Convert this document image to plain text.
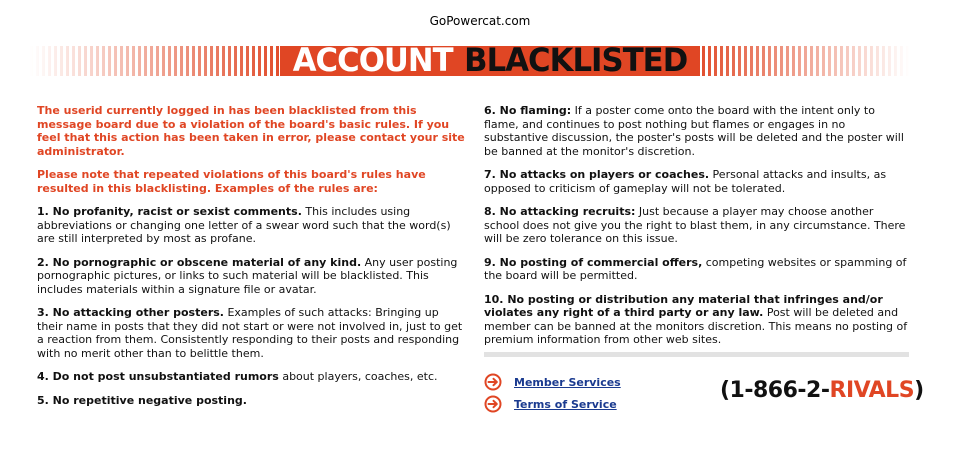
GoPowercat.com
ACCOUNT BLACKLISTED

The userid currently logged in has been blacklisted from this message board due to a violation of the board's basic rules. If you feel that this action has been taken in error, please contact your site administrator.

Please note that repeated violations of this board's rules have resulted in this blacklisting. Examples of the rules are:

1. No profanity, racist or sexist comments. This includes using abbreviations or changing one letter of a swear word such that the word(s) are still interpreted by most as profane.

2. No pornographic or obscene material of any kind. Any user posting pornographic pictures, or links to such material will be blacklisted. This includes materials within a signature file or avatar.

3. No attacking other posters. Examples of such attacks: Bringing up their name in posts that they did not start or were not involved in, just to get a reaction from them. Consistently responding to their posts and responding with no merit other than to belittle them.

4. Do not post unsubstantiated rumors about players, coaches, etc.

5. No repetitive negative posting.

6. No flaming: If a poster come onto the board with the intent only to flame, and continues to post nothing but flames or engages in no substantive discussion, the poster's posts will be deleted and the poster will be banned at the monitor's discretion.

7. No attacks on players or coaches. Personal attacks and insults, as opposed to criticism of gameplay will not be tolerated.

8. No attacking recruits: Just because a player may choose another school does not give you the right to blast them, in any circumstance. There will be zero tolerance on this issue.

9. No posting of commercial offers, competing websites or spamming of the board will be permitted.

10. No posting or distribution any material that infringes and/or violates any right of a third party or any law. Post will be deleted and member can be banned at the monitors discretion. This means no posting of premium information from other web sites.

Member Services
Terms of Service
(1-866-2-RIVALS)
